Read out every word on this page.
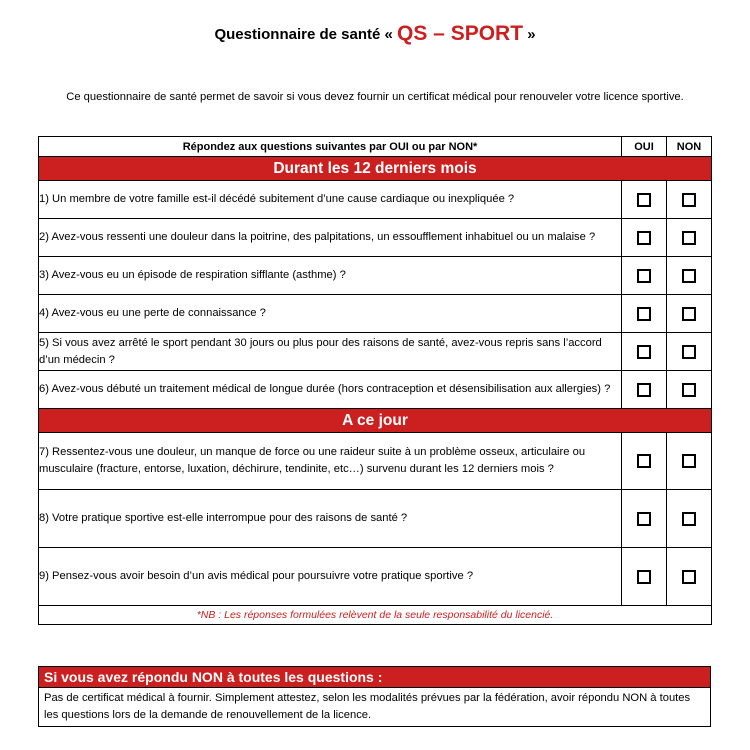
Questionnaire de santé « QS – SPORT »
Ce questionnaire de santé permet de savoir si vous devez fournir un certificat médical pour renouveler votre licence sportive.
Répondez aux questions suivantes par OUI ou par NON*	OUI	NON
Durant les 12 derniers mois		
1) Un membre de votre famille est-il décédé subitement d’une cause cardiaque ou inexpliquée ?		
2) Avez-vous ressenti une douleur dans la poitrine, des palpitations, un essoufflement inhabituel ou un malaise ?		
3) Avez-vous eu un épisode de respiration sifflante (asthme) ?		
4) Avez-vous eu une perte de connaissance ?		
5) Si vous avez arrêté le sport pendant 30 jours ou plus pour des raisons de santé, avez-vous repris sans l’accord d’un médecin ?		
6) Avez-vous débuté un traitement médical de longue durée (hors contraception et désensibilisation aux allergies) ?		
A ce jour		
7) Ressentez-vous une douleur, un manque de force ou une raideur suite à un problème osseux, articulaire ou musculaire (fracture, entorse, luxation, déchirure, tendinite, etc…) survenu durant les 12 derniers mois ?		
8) Votre pratique sportive est-elle interrompue pour des raisons de santé ?		
9) Pensez-vous avoir besoin d’un avis médical pour poursuivre votre pratique sportive ?		
*NB : Les réponses formulées relèvent de la seule responsabilité du licencié.		
Si vous avez répondu NON à toutes les questions :
Pas de certificat médical à fournir. Simplement attestez, selon les modalités prévues par la fédération, avoir répondu NON à toutes les questions lors de la demande de renouvellement de la licence.
